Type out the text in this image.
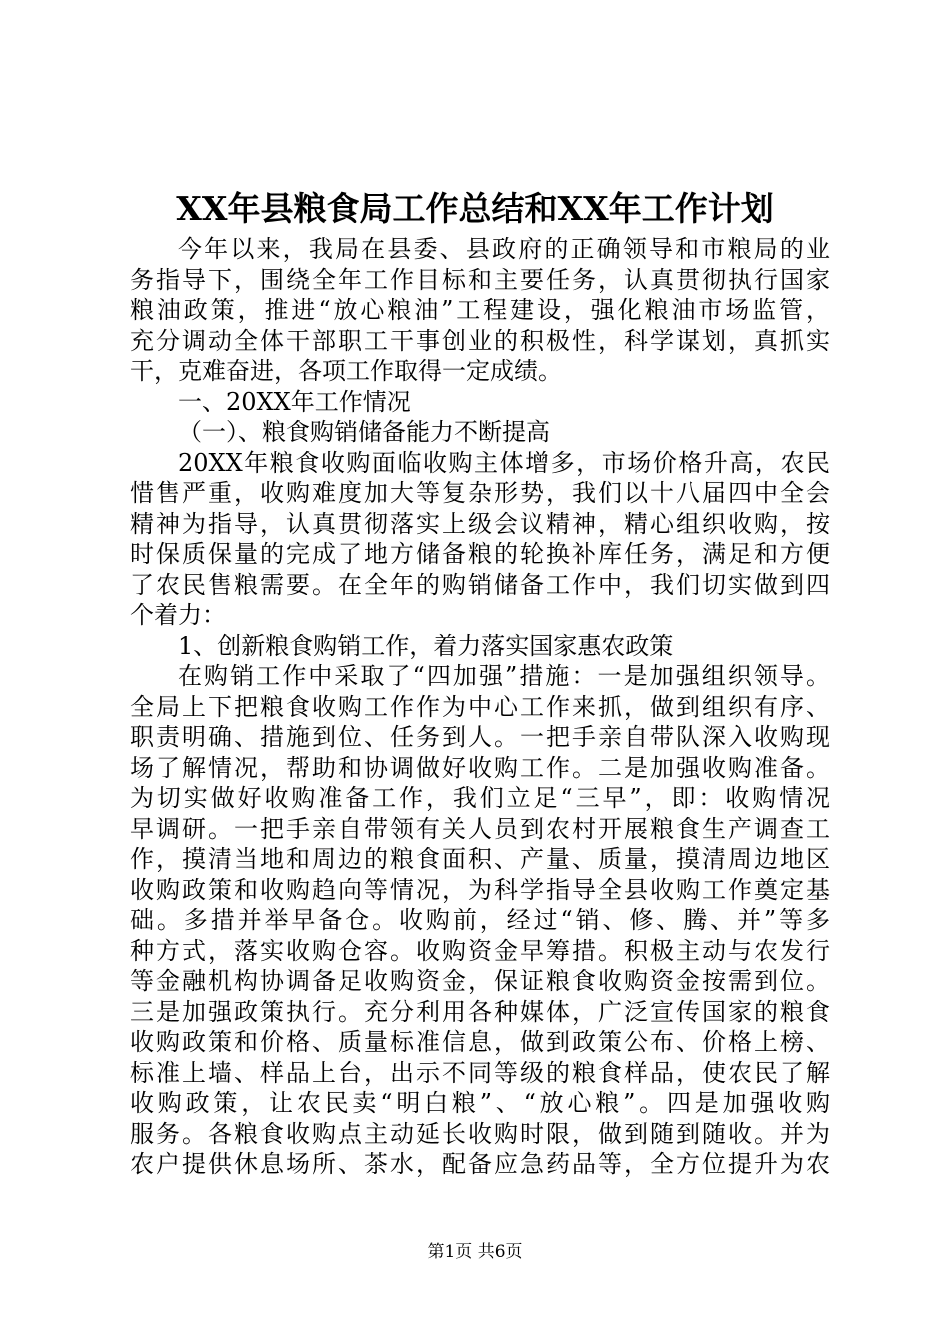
XX年县粮食局工作总结和XX年工作计划
今年以来，我局在县委、县政府的正确领导和市粮局的业
务指导下，围绕全年工作目标和主要任务，认真贯彻执行国家
粮油政策，推进“放心粮油”工程建设，强化粮油市场监管，
充分调动全体干部职工干事创业的积极性，科学谋划，真抓实
干，克难奋进，各项工作取得一定成绩。
一、20XX年工作情况
（一）、粮食购销储备能力不断提高
20XX年粮食收购面临收购主体增多，市场价格升高，农民
惜售严重，收购难度加大等复杂形势，我们以十八届四中全会
精神为指导，认真贯彻落实上级会议精神，精心组织收购，按
时保质保量的完成了地方储备粮的轮换补库任务，满足和方便
了农民售粮需要。在全年的购销储备工作中，我们切实做到四
个着力：
1、创新粮食购销工作，着力落实国家惠农政策
在购销工作中采取了“四加强”措施：一是加强组织领导。
全局上下把粮食收购工作作为中心工作来抓，做到组织有序、
职责明确、措施到位、任务到人。一把手亲自带队深入收购现
场了解情况，帮助和协调做好收购工作。二是加强收购准备。
为切实做好收购准备工作，我们立足“三早”，即：收购情况
早调研。一把手亲自带领有关人员到农村开展粮食生产调查工
作，摸清当地和周边的粮食面积、产量、质量，摸清周边地区
收购政策和收购趋向等情况，为科学指导全县收购工作奠定基
础。多措并举早备仓。收购前，经过“销、修、腾、并”等多
种方式，落实收购仓容。收购资金早筹措。积极主动与农发行
等金融机构协调备足收购资金，保证粮食收购资金按需到位。
三是加强政策执行。充分利用各种媒体，广泛宣传国家的粮食
收购政策和价格、质量标准信息，做到政策公布、价格上榜、
标准上墙、样品上台，出示不同等级的粮食样品，使农民了解
收购政策，让农民卖“明白粮”、“放心粮”。四是加强收购
服务。各粮食收购点主动延长收购时限，做到随到随收。并为
农户提供休息场所、茶水，配备应急药品等，全方位提升为农
第1页 共6页
